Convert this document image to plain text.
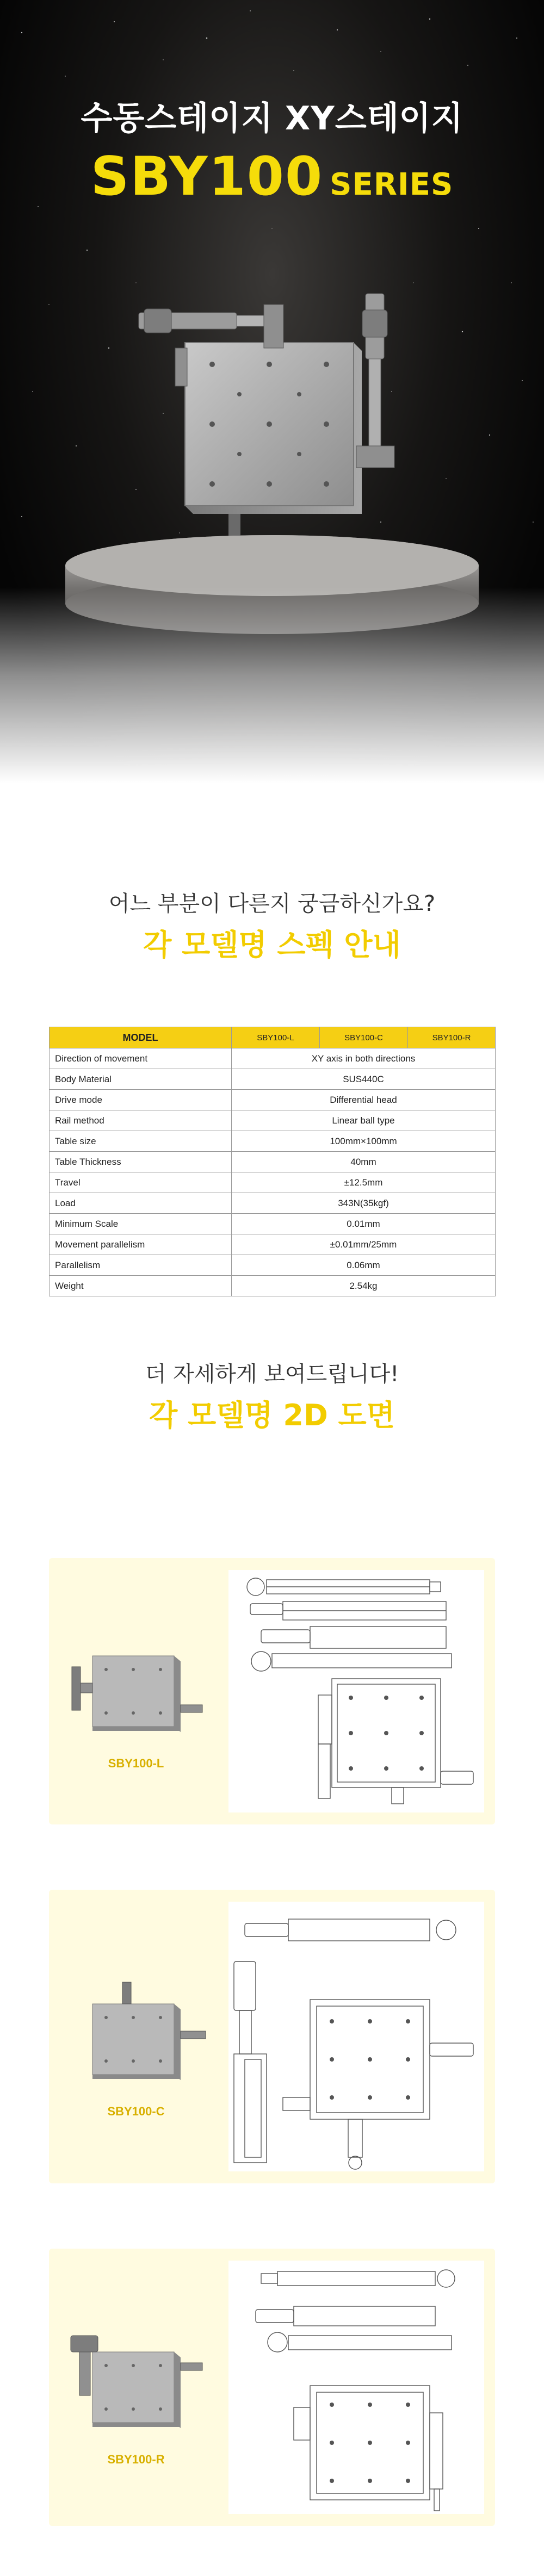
수동스테이지 XY스테이지
SBY100 SERIES
어느 부분이 다른지 궁금하신가요?
각 모델명 스펙 안내
MODEL	SBY100-L	SBY100-C	SBY100-R
Direction of movement	XY axis in both directions		
Body Material	SUS440C		
Drive mode	Differential head		
Rail method	Linear ball type		
Table size	100mm×100mm		
Table Thickness	40mm		
Travel	±12.5mm		
Load	343N(35kgf)		
Minimum Scale	0.01mm		
Movement parallelism	±0.01mm/25mm		
Parallelism	0.06mm		
Weight	2.54kg		
더 자세하게 보여드립니다!
각 모델명 2D 도면
SBY100-L
SBY100-C
SBY100-R
